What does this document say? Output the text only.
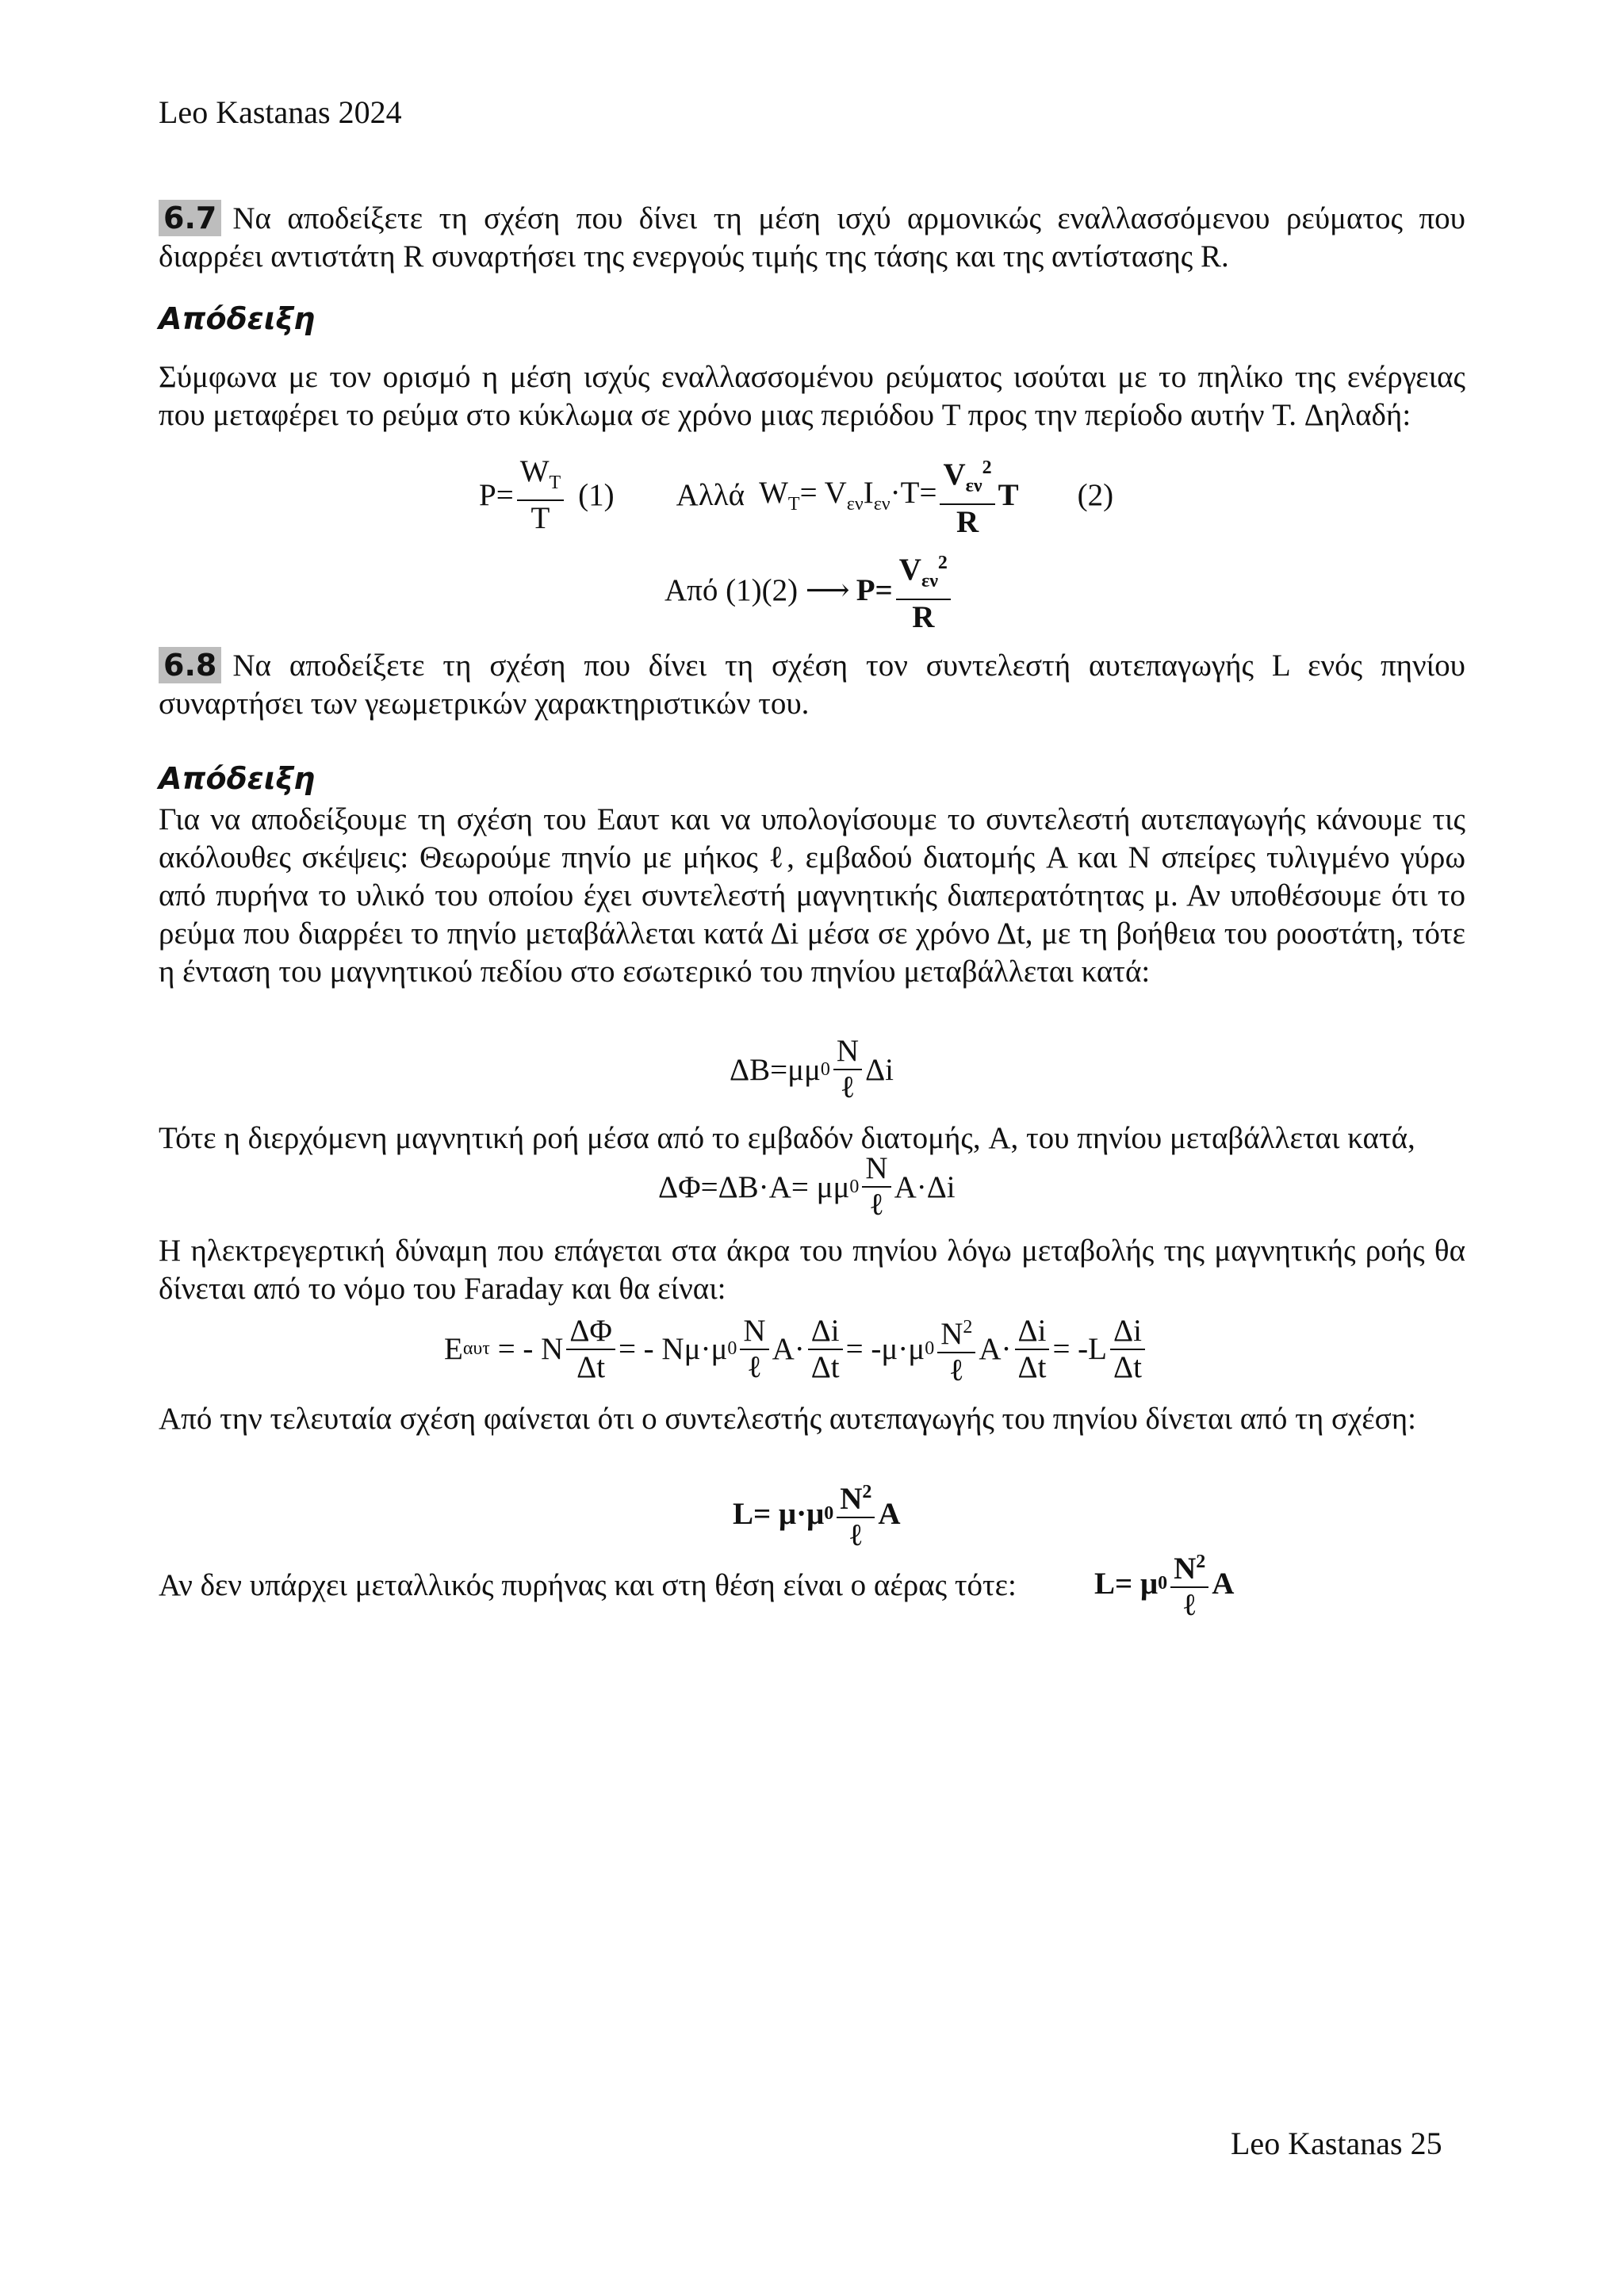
Leo Kastanas 2024
6.7 Να αποδείξετε τη σχέση που δίνει τη μέση ισχύ αρμονικώς εναλλασσόμενου ρεύματος που διαρρέει αντιστάτη R συναρτήσει της ενεργούς τιμής της τάσης και της αντίστασης R.
Απόδειξη
Σύμφωνα με τον ορισμό η μέση ισχύς εναλλασσομένου ρεύματος ισούται με το πηλίκο της ενέργειας που μεταφέρει το ρεύμα στο κύκλωμα σε χρόνο μιας περιόδου T προς την περίοδο αυτήν T. Δηλαδή:
$P= \frac{W_T}{T} (1)$ Αλλά $W_T= V_{\varepsilon\nu}I_{\varepsilon\nu}\cdot T= \frac{V_{\varepsilon\nu}^2}{R}$ T (2)
Από (1)(2) ⟶ $P= \frac{V_{\varepsilon\nu}^2}{R}$
6.8 Να αποδείξετε τη σχέση που δίνει τη σχέση τον συντελεστή αυτεπαγωγής L ενός πηνίου συναρτήσει των γεωμετρικών χαρακτηριστικών του.
Απόδειξη
Για να αποδείξουμε τη σχέση του Eαυτ και να υπολογίσουμε το συντελεστή αυτεπαγωγής κάνουμε τις ακόλουθες σκέψεις: Θεωρούμε πηνίο με μήκος ℓ, εμβαδού διατομής A και N σπείρες τυλιγμένο γύρω από πυρήνα το υλικό του οποίου έχει συντελεστή μαγνητικής διαπερατότητας μ. Αν υποθέσουμε ότι το ρεύμα που διαρρέει το πηνίο μεταβάλλεται κατά Δi μέσα σε χρόνο Δt, με τη βοήθεια του ροοστάτη, τότε η ένταση του μαγνητικού πεδίου στο εσωτερικό του πηνίου μεταβάλλεται κατά:
ΔB=μμ $0 \frac{N}{\text{ℓ}}$ Δi
Τότε η διερχόμενη μαγνητική ροή μέσα από το εμβαδόν διατομής, A, του πηνίου μεταβάλλεται κατά,
ΔΦ=ΔB·A= μμ $0 \frac{N}{\text{ℓ}} A\cdot\Delta i$
Η ηλεκτρεγερτική δύναμη που επάγεται στα άκρα του πηνίου λόγω μεταβολής της μαγνητικής ροής θα δίνεται από το νόμο του Faraday και θα είναι:
E αυτ = - N $\frac{\Delta\Phi}{\Delta t}$ = - Nμ·μ $0 \frac{N}{\text{ℓ}} A\cdot \frac{\Delta i}{\Delta t} = -\mu\cdot\mu$ $0 \frac{N^2}{\text{ℓ}} A\cdot \frac{\Delta i}{\Delta t} = -L \frac{\Delta i}{\Delta t}$
Από την τελευταία σχέση φαίνεται ότι ο συντελεστής αυτεπαγωγής του πηνίου δίνεται από τη σχέση:
L= μ·μ $0 \frac{N^2}{\text{ℓ}}$ A
Αν δεν υπάρχει μεταλλικός πυρήνας και στη θέση είναι ο αέρας τότε:	L= μ $0 \frac{N^2}{\text{ℓ}}$ A
Leo Kastanas 25
